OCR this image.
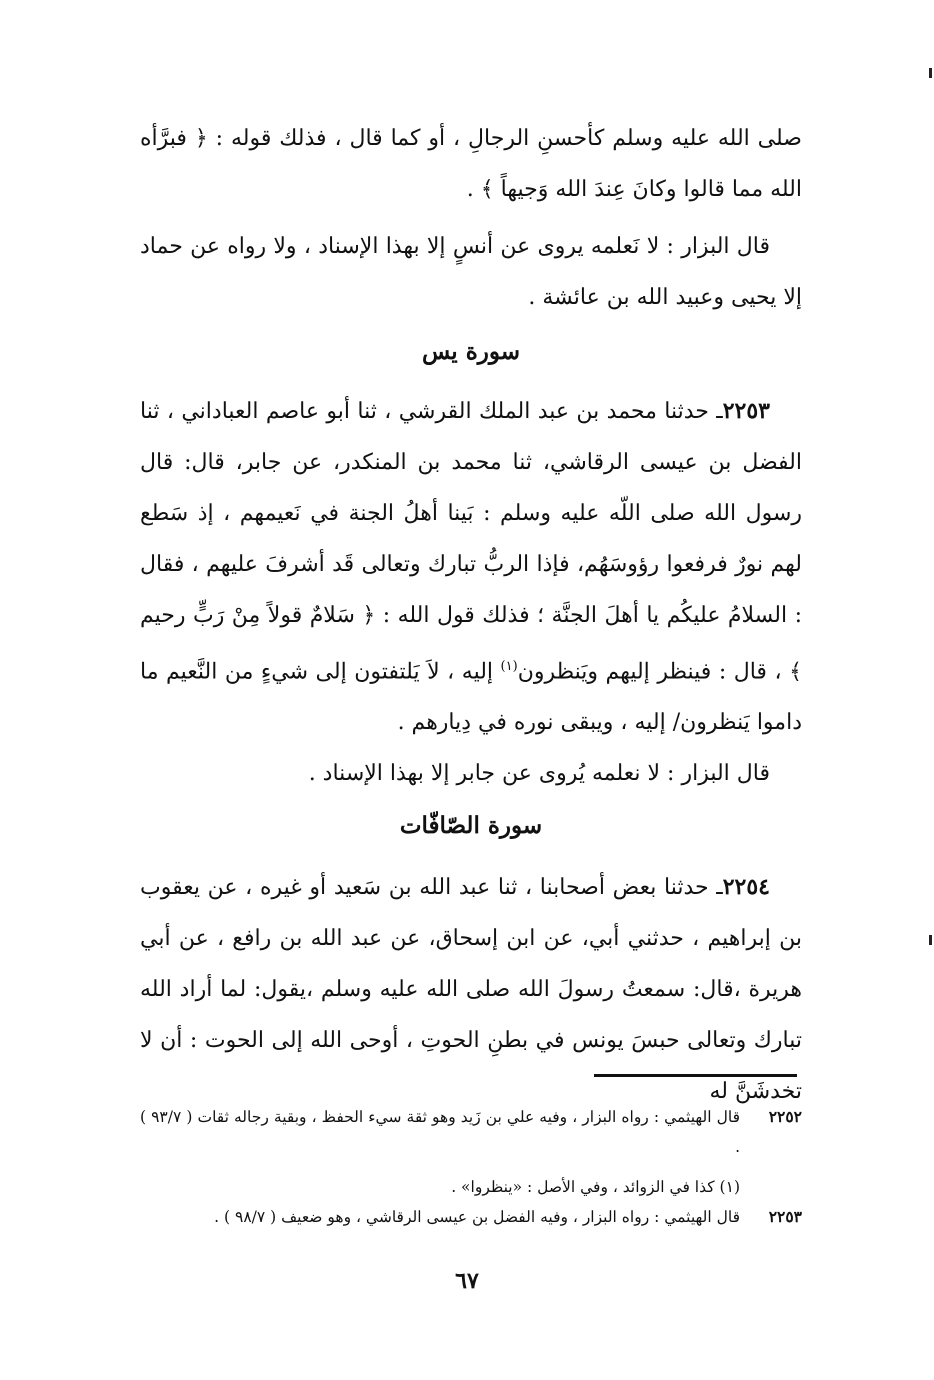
صلى الله عليه وسلم كأحسنِ الرجالِ ، أو كما قال ، فذلك قوله : ﴿ فبرَّأه الله مما قالوا وكانَ عِندَ الله وَجيهاً ﴾ .

قال البزار : لا نَعلمه يروى عن أنسٍ إلا بهذا الإسناد ، ولا رواه عن حماد إلا يحيى وعبيد الله بن عائشة .

سورة يس

٢٢٥٣ـ حدثنا محمد بن عبد الملك القرشي ، ثنا أبو عاصم العباداني ، ثنا الفضل بن عيسى الرقاشي، ثنا محمد بن المنكدر، عن جابر، قال: قال رسول الله صلى اللّه عليه وسلم : بَينا أهلُ الجنة في نَعيمهم ، إذ سَطع لهم نورٌ فرفعوا رؤوسَهُم، فإذا الربُّ تبارك وتعالى قَد أشرفَ عليهم ، فقال : السلامُ عليكُم يا أهلَ الجنَّة ؛ فذلك قول الله : ﴿ سَلامٌ قولاً مِنْ رَبٍّ رحيم ﴾ ، قال : فينظر إليهم ويَنظرون$^{(١)}$ إليه ، لاَ يَلتفتون إلى شيءٍ من النَّعيم ما داموا يَنظرون/ إليه ، ويبقى نوره في دِيارهم .

قال البزار : لا نعلمه يُروى عن جابر إلا بهذا الإسناد .

سورة الصّافّات

٢٢٥٤ـ حدثنا بعض أصحابنا ، ثنا عبد الله بن سَعيد أو غيره ، عن يعقوب بن إبراهيم ، حدثني أبي، عن ابن إسحاق، عن عبد الله بن رافع ، عن أبي هريرة ،قال: سمعتُ رسولَ الله صلى الله عليه وسلم ،يقول: لما أراد الله تبارك وتعالى حبسَ يونس في بطنِ الحوتِ ، أوحى الله إلى الحوت : أن لا تخدشَنَّ له

٢٢٥٢
قال الهيثمي : رواه البزار ، وفيه علي بن زَيد وهو ثقة سيء الحفظ ، وبقية رجاله ثقات ( ٩٣/٧ ) .
(١) كذا في الزوائد ، وفي الأصل : «ينظروا» .
٢٢٥٣
قال الهيثمي : رواه البزار ، وفيه الفضل بن عيسى الرقاشي ، وهو ضعيف ( ٩٨/٧ ) .
٦٧
